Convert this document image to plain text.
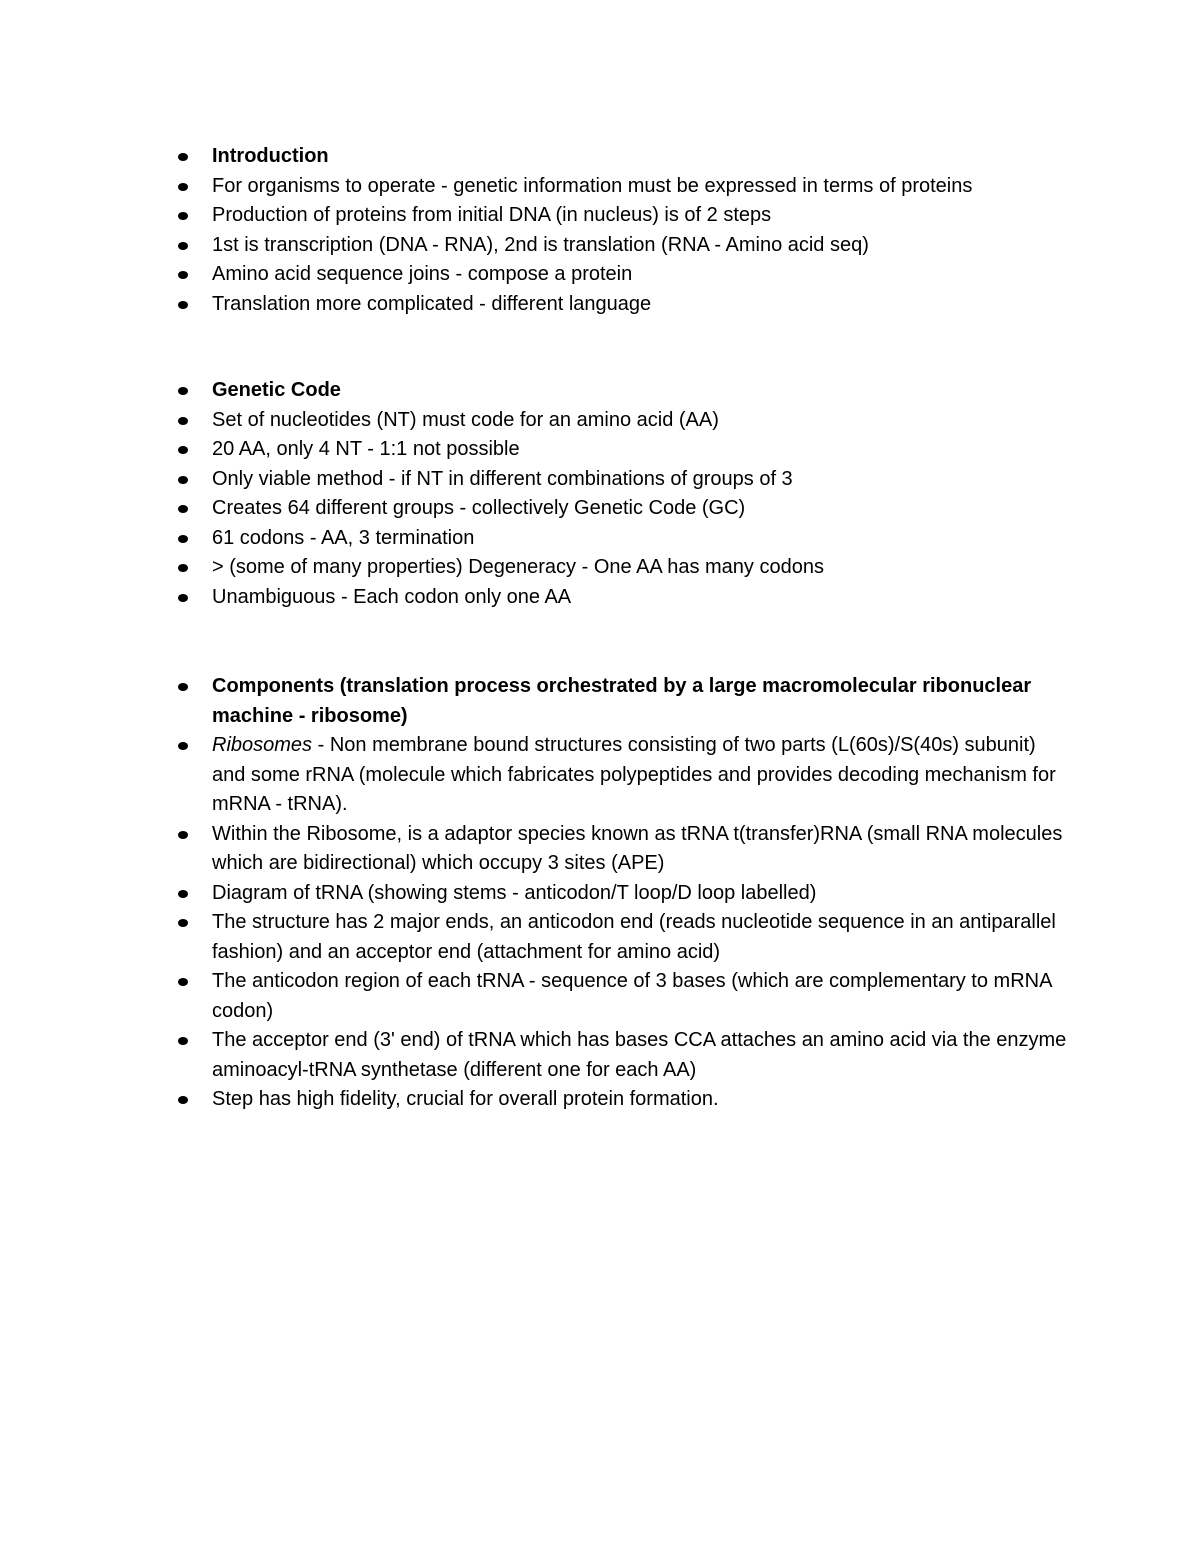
Introduction
For organisms to operate - genetic information must be expressed in terms of proteins
Production of proteins from initial DNA (in nucleus) is of 2 steps
1st is transcription (DNA - RNA), 2nd is translation (RNA - Amino acid seq)
Amino acid sequence joins - compose a protein
Translation more complicated - different language
Genetic Code
Set of nucleotides (NT) must code for an amino acid (AA)
20 AA, only 4 NT - 1:1 not possible
Only viable method - if NT in different combinations of groups of 3
Creates 64 different groups - collectively Genetic Code (GC)
61 codons - AA, 3 termination
> (some of many properties) Degeneracy - One AA has many codons
Unambiguous - Each codon only one AA
Components (translation process orchestrated by a large macromolecular ribonuclear machine - ribosome)
Ribosomes - Non membrane bound structures consisting of two parts (L(60s)/S(40s) subunit) and some rRNA (molecule which fabricates polypeptides and provides decoding mechanism for mRNA - tRNA).
Within the Ribosome, is a adaptor species known as tRNA t(transfer)RNA (small RNA molecules which are bidirectional) which occupy 3 sites (APE)
Diagram of tRNA (showing stems - anticodon/T loop/D loop labelled)
The structure has 2 major ends, an anticodon end (reads nucleotide sequence in an antiparallel fashion) and an acceptor end (attachment for amino acid)
The anticodon region of each tRNA - sequence of 3 bases (which are complementary to mRNA codon)
The acceptor end (3' end) of tRNA which has bases CCA attaches an amino acid via the enzyme aminoacyl-tRNA synthetase (different one for each AA)
Step has high fidelity, crucial for overall protein formation.
